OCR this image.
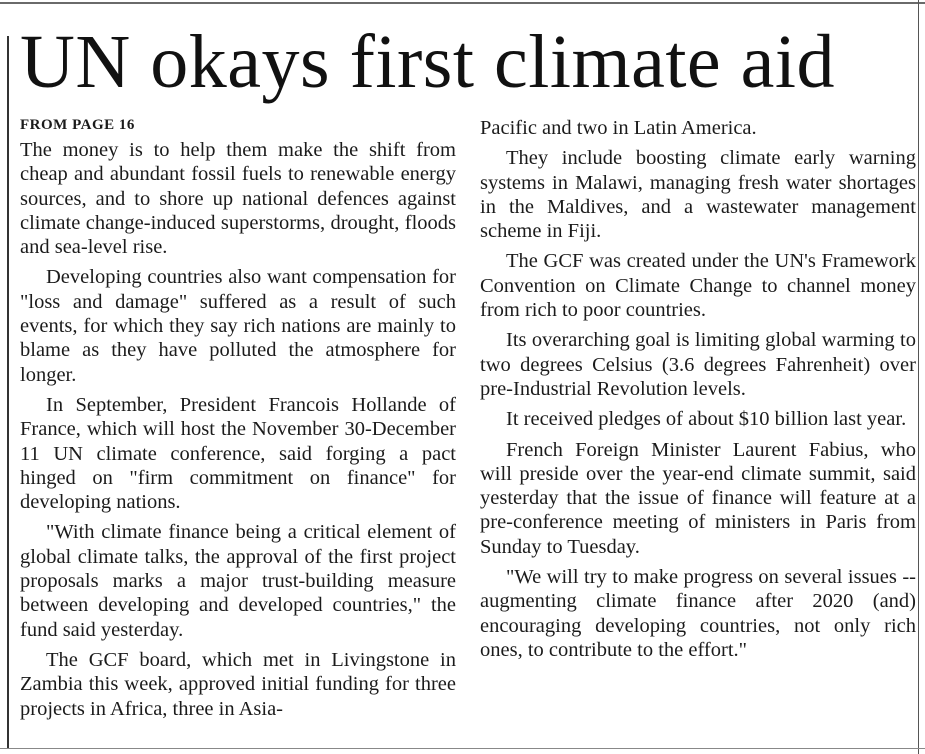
UN okays first climate aid
FROM PAGE 16

The money is to help them make the shift from cheap and abundant fossil fuels to renewable energy sources, and to shore up national defences against climate change-induced superstorms, drought, floods and sea-level rise.

Developing countries also want compensation for "loss and damage" suffered as a result of such events, for which they say rich nations are mainly to blame as they have polluted the atmosphere for longer.

In September, President Francois Hollande of France, which will host the November 30-December 11 UN climate conference, said forging a pact hinged on "firm commitment on finance" for developing nations.

"With climate finance being a critical element of global climate talks, the approval of the first project proposals marks a major trust-building measure between developing and developed countries," the fund said yesterday.

The GCF board, which met in Livingstone in Zambia this week, approved initial funding for three projects in Africa, three in Asia-

Pacific and two in Latin America.

They include boosting climate early warning systems in Malawi, managing fresh water shortages in the Maldives, and a wastewater management scheme in Fiji.

The GCF was created under the UN's Framework Convention on Climate Change to channel money from rich to poor countries.

Its overarching goal is limiting global warming to two degrees Celsius (3.6 degrees Fahrenheit) over pre-Industrial Revolution levels.

It received pledges of about $10 billion last year.

French Foreign Minister Laurent Fabius, who will preside over the year-end climate summit, said yesterday that the issue of finance will feature at a pre-conference meeting of ministers in Paris from Sunday to Tuesday.

"We will try to make progress on several issues -- augmenting climate finance after 2020 (and) encouraging developing countries, not only rich ones, to contribute to the effort."
